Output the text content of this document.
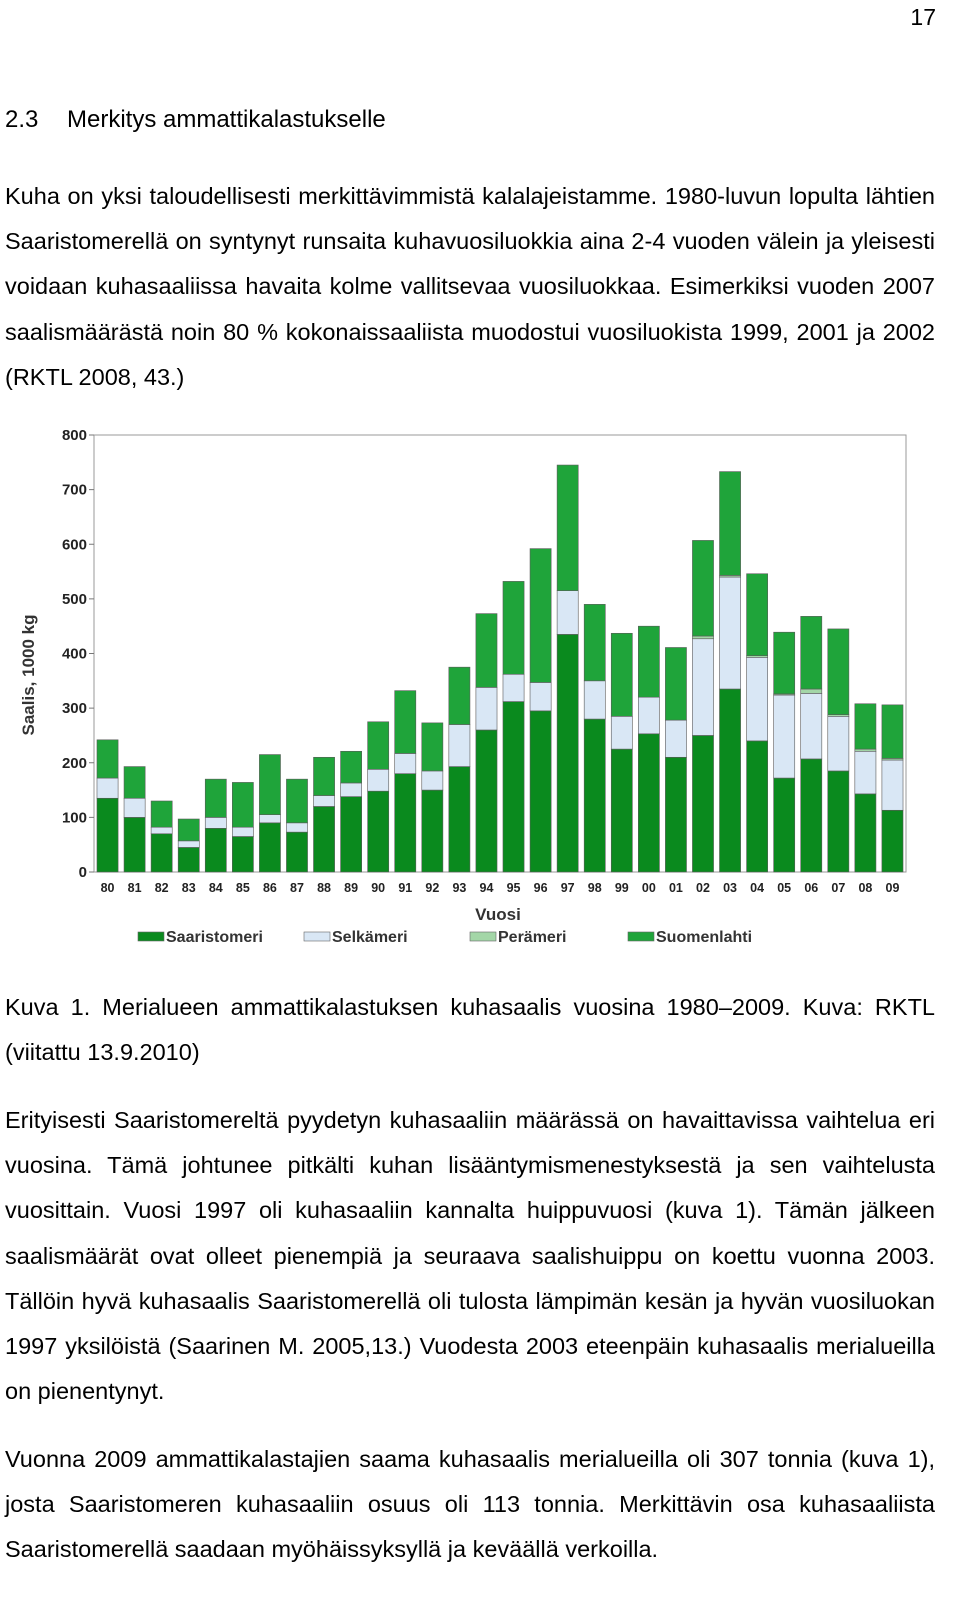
17
2.3 Merkitys ammattikalastukselle

Kuha on yksi taloudellisesti merkittävimmistä kalalajeistamme. 1980-luvun lopulta lähtien Saaristomerellä on syntynyt runsaita kuhavuosiluokkia aina 2-4 vuoden välein ja yleisesti voidaan kuhasaaliissa havaita kolme vallitsevaa vuosiluokkaa. Esimerkiksi vuoden 2007 saalismäärästä noin 80 % kokonaissaaliista muodostui vuosiluokista 1999, 2001 ja 2002 (RKTL 2008, 43.)

0
100
200
300
400
500
600
700
800
80 81 82 83 84 85 86 87 88 89 90 91 92 93 94 95 96 97 98 99 00 01 02 03 04 05 06 07 08 09
Saalis, 1000 kg
Vuosi
Saaristomeri	Selkämeri	Perämeri	Suomenlahti

Kuva 1. Merialueen ammattikalastuksen kuhasaalis vuosina 1980–2009. Kuva: RKTL (viitattu 13.9.2010)

Erityisesti Saaristomereltä pyydetyn kuhasaaliin määrässä on havaittavissa vaihtelua eri vuosina. Tämä johtunee pitkälti kuhan lisääntymismenestyksestä ja sen vaihtelusta vuosittain. Vuosi 1997 oli kuhasaaliin kannalta huippuvuosi (kuva 1). Tämän jälkeen saalismäärät ovat olleet pienempiä ja seuraava saalishuippu on koettu vuonna 2003. Tällöin hyvä kuhasaalis Saaristomerellä oli tulosta lämpimän kesän ja hyvän vuosiluokan 1997 yksilöistä (Saarinen M. 2005,13.) Vuodesta 2003 eteenpäin kuhasaalis merialueilla on pienentynyt.

Vuonna 2009 ammattikalastajien saama kuhasaalis merialueilla oli 307 tonnia (kuva 1), josta Saaristomeren kuhasaaliin osuus oli 113 tonnia. Merkittävin osa kuhasaaliista Saaristomerellä saadaan myöhäissyksyllä ja keväällä verkoilla.
